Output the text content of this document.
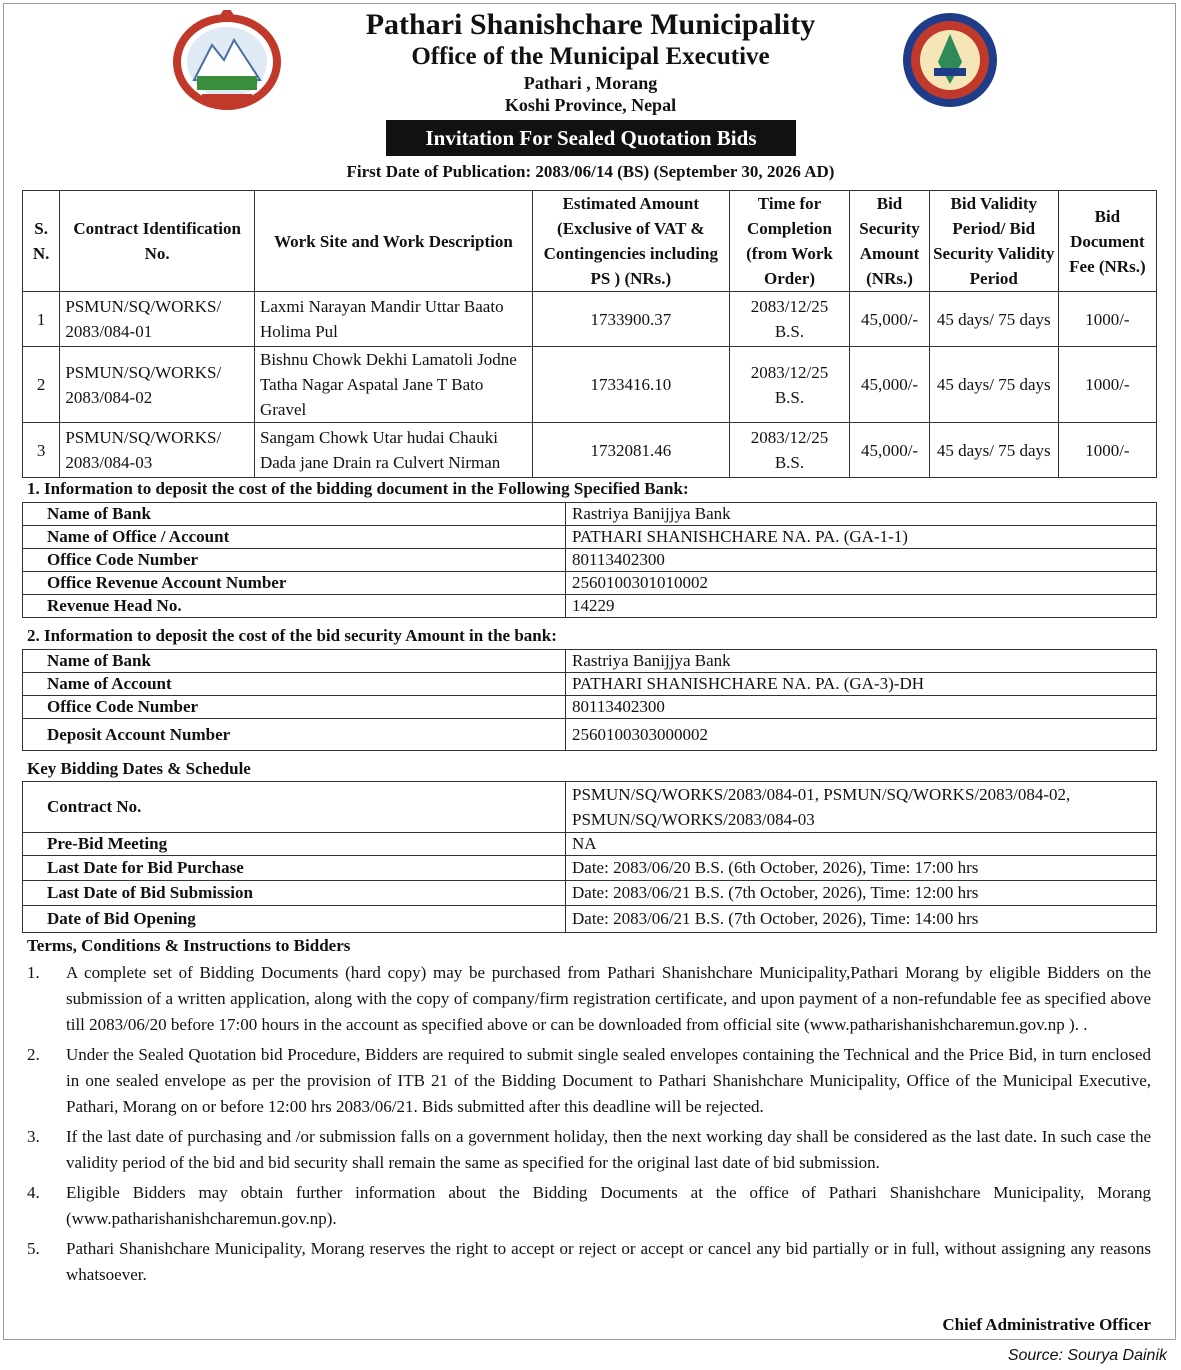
Pathari Shanishchare Municipality
Office of the Municipal Executive
Pathari , Morang
Koshi Province, Nepal
Invitation For Sealed Quotation Bids
First Date of Publication: 2083/06/14 (BS) (September 30, 2026 AD)
S. N.	Contract Identification No.	Work Site and Work Description	Estimated Amount (Exclusive of VAT & Contingencies including PS ) (NRs.)	Time for Completion (from Work Order)	Bid Security Amount (NRs.)	Bid Validity Period/ Bid Security Validity Period	Bid Document Fee (NRs.)
1	PSMUN/SQ/WORKS/ 2083/084-01	Laxmi Narayan Mandir Uttar Baato Holima Pul	1733900.37	2083/12/25 B.S.	45,000/-	45 days/ 75 days	1000/-
2	PSMUN/SQ/WORKS/ 2083/084-02	Bishnu Chowk Dekhi Lamatoli Jodne Tatha Nagar Aspatal Jane T Bato Gravel	1733416.10	2083/12/25 B.S.	45,000/-	45 days/ 75 days	1000/-
3	PSMUN/SQ/WORKS/ 2083/084-03	Sangam Chowk Utar hudai Chauki Dada jane Drain ra Culvert Nirman	1732081.46	2083/12/25 B.S.	45,000/-	45 days/ 75 days	1000/-
1. Information to deposit the cost of the bidding document in the Following Specified Bank:
Name of Bank	Rastriya Banijjya Bank
Name of Office / Account	PATHARI SHANISHCHARE NA. PA. (GA-1-1)
Office Code Number	80113402300
Office Revenue Account Number	2560100301010002
Revenue Head No.	14229
2. Information to deposit the cost of the bid security Amount in the bank:
Name of Bank	Rastriya Banijjya Bank
Name of Account	PATHARI SHANISHCHARE NA. PA. (GA-3)-DH
Office Code Number	80113402300
Deposit Account Number	2560100303000002
Key Bidding Dates & Schedule
Contract No.	PSMUN/SQ/WORKS/2083/084-01, PSMUN/SQ/WORKS/2083/084-02, PSMUN/SQ/WORKS/2083/084-03
Pre-Bid Meeting	NA
Last Date for Bid Purchase	Date: 2083/06/20 B.S. (6th October, 2026), Time: 17:00 hrs
Last Date of Bid Submission	Date: 2083/06/21 B.S. (7th October, 2026), Time: 12:00 hrs
Date of Bid Opening	Date: 2083/06/21 B.S. (7th October, 2026), Time: 14:00 hrs
Terms, Conditions & Instructions to Bidders
1.	A complete set of Bidding Documents (hard copy) may be purchased from Pathari Shanishchare Municipality,Pathari Morang by eligible Bidders on the submission of a written application, along with the copy of company/firm registration certificate, and upon payment of a non-refundable fee as specified above till 2083/06/20 before 17:00 hours in the account as specified above or can be downloaded from official site (www.patharishanishcharemun.gov.np ). .
2.	Under the Sealed Quotation bid Procedure, Bidders are required to submit single sealed envelopes containing the Technical and the Price Bid, in turn enclosed in one sealed envelope as per the provision of ITB 21 of the Bidding Document to Pathari Shanishchare Municipality, Office of the Municipal Executive, Pathari, Morang on or before 12:00 hrs 2083/06/21. Bids submitted after this deadline will be rejected.
3.	If the last date of purchasing and /or submission falls on a government holiday, then the next working day shall be considered as the last date. In such case the validity period of the bid and bid security shall remain the same as specified for the original last date of bid submission.
4.	Eligible Bidders may obtain further information about the Bidding Documents at the office of Pathari Shanishchare Municipality, Morang (www.patharishanishcharemun.gov.np).
5.	Pathari Shanishchare Municipality, Morang reserves the right to accept or reject or accept or cancel any bid partially or in full, without assigning any reasons whatsoever.
Chief Administrative Officer
Source: Sourya Dainik
